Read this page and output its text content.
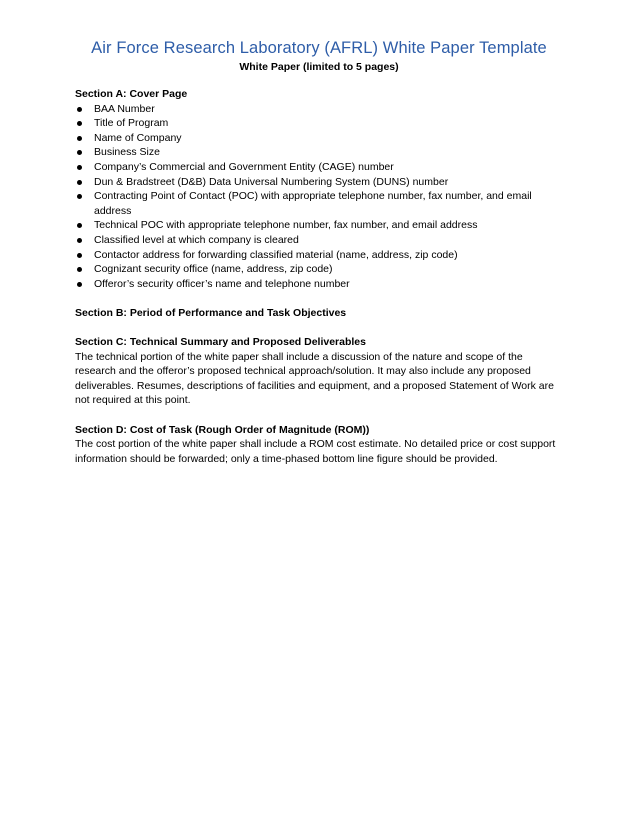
Air Force Research Laboratory (AFRL) White Paper Template
White Paper (limited to 5 pages)
Section A: Cover Page
BAA Number
Title of Program
Name of Company
Business Size
Company’s Commercial and Government Entity (CAGE) number
Dun & Bradstreet (D&B) Data Universal Numbering System (DUNS) number
Contracting Point of Contact (POC) with appropriate telephone number, fax number, and email address
Technical POC with appropriate telephone number, fax number, and email address
Classified level at which company is cleared
Contactor address for forwarding classified material (name, address, zip code)
Cognizant security office (name, address, zip code)
Offeror’s security officer’s name and telephone number
Section B: Period of Performance and Task Objectives
Section C: Technical Summary and Proposed Deliverables

The technical portion of the white paper shall include a discussion of the nature and scope of the research and the offeror’s proposed technical approach/solution. It may also include any proposed deliverables. Resumes, descriptions of facilities and equipment, and a proposed Statement of Work are not required at this point.

Section D: Cost of Task (Rough Order of Magnitude (ROM))

The cost portion of the white paper shall include a ROM cost estimate. No detailed price or cost support information should be forwarded; only a time-phased bottom line figure should be provided.
